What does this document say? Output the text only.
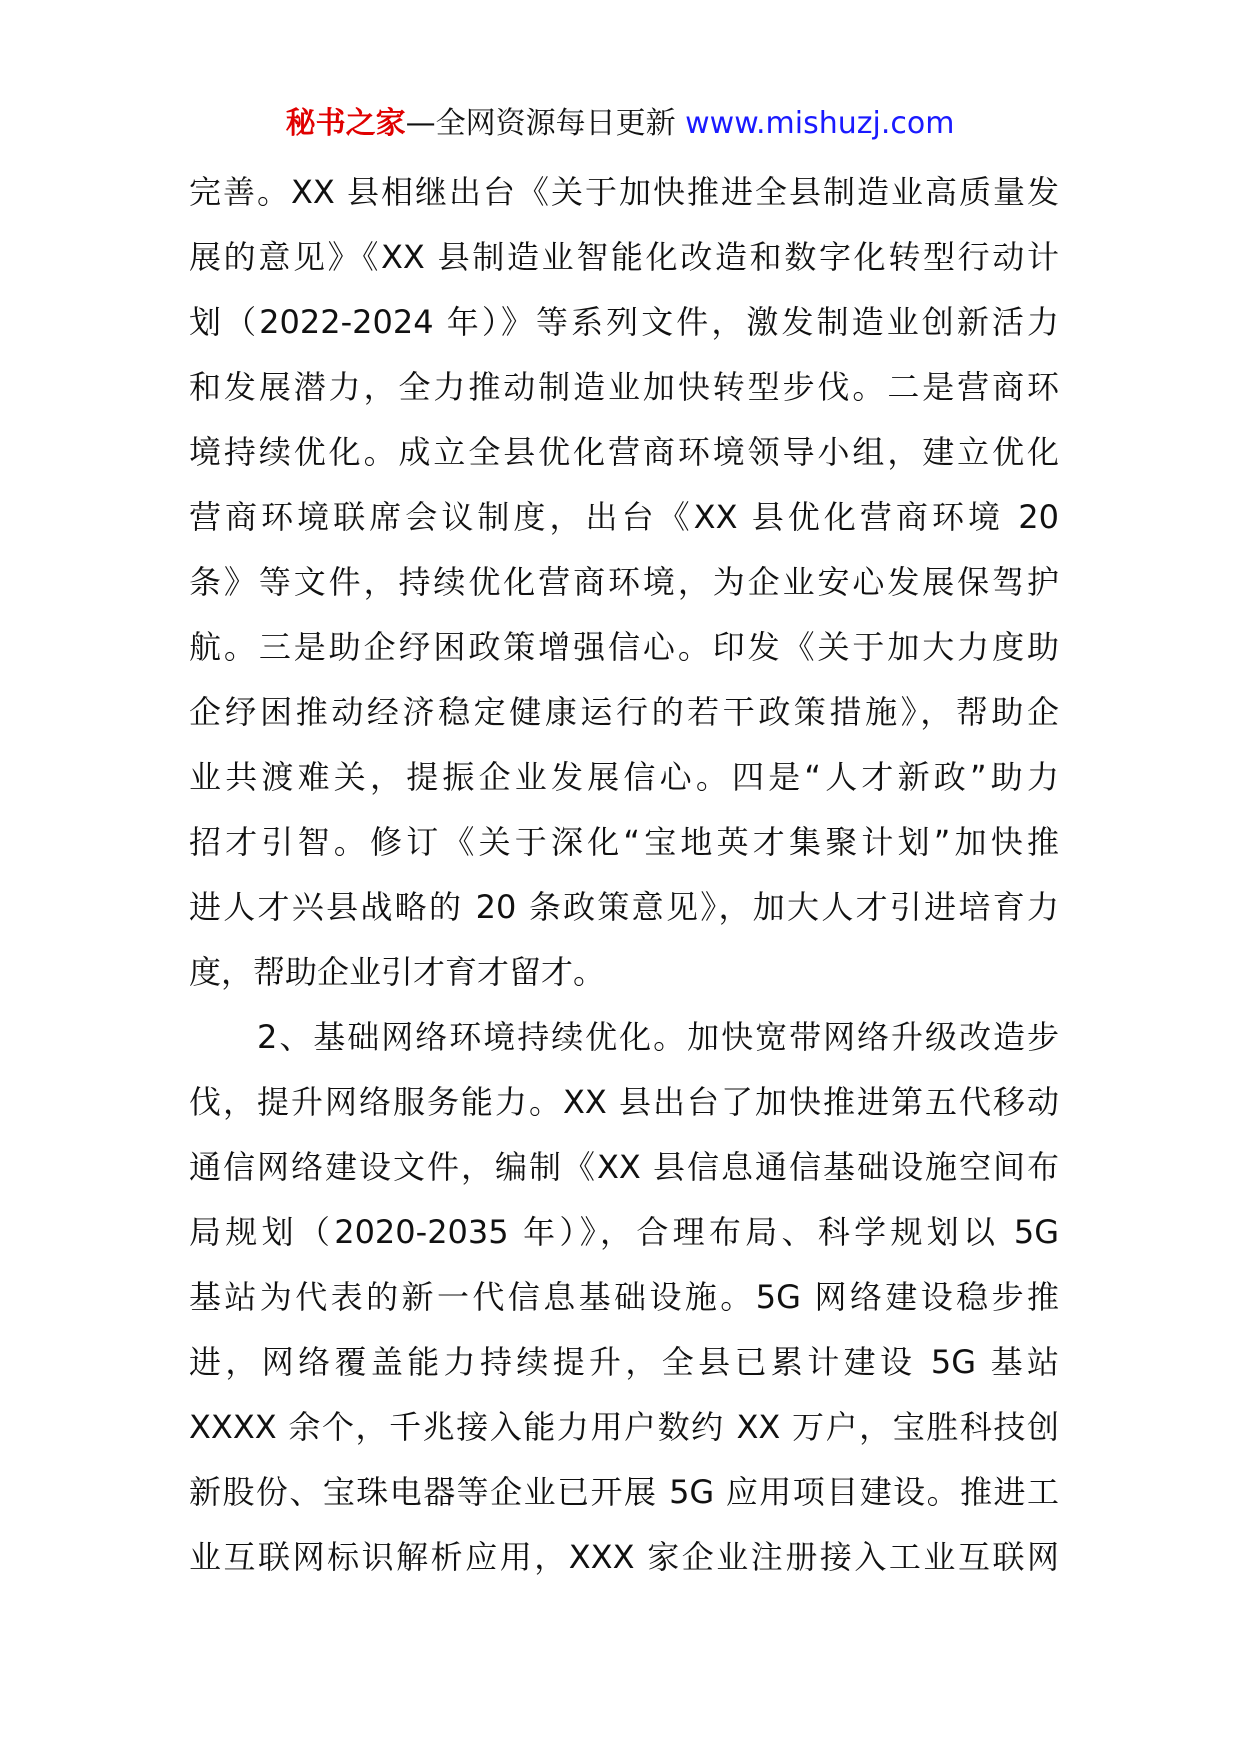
秘书之家—全网资源每日更新 www.mishuzj.com
完善。XX 县相继出台《关于加快推进全县制造业高质量发
展的意见》《XX 县制造业智能化改造和数字化转型行动计
划（2022-2024 年）》等系列文件，激发制造业创新活力
和发展潜力，全力推动制造业加快转型步伐。二是营商环
境持续优化。成立全县优化营商环境领导小组，建立优化
营商环境联席会议制度，出台《XX 县优化营商环境 20
条》等文件，持续优化营商环境，为企业安心发展保驾护
航。三是助企纾困政策增强信心。印发《关于加大力度助
企纾困推动经济稳定健康运行的若干政策措施》，帮助企
业共渡难关，提振企业发展信心。四是“人才新政”助力
招才引智。修订《关于深化“宝地英才集聚计划”加快推
进人才兴县战略的 20 条政策意见》，加大人才引进培育力
度，帮助企业引才育才留才。
　　2、基础网络环境持续优化。加快宽带网络升级改造步
伐，提升网络服务能力。XX 县出台了加快推进第五代移动
通信网络建设文件，编制《XX 县信息通信基础设施空间布
局规划（2020-2035 年）》，合理布局、科学规划以 5G
基站为代表的新一代信息基础设施。5G 网络建设稳步推
进，网络覆盖能力持续提升，全县已累计建设 5G 基站
XXXX 余个，千兆接入能力用户数约 XX 万户，宝胜科技创
新股份、宝珠电器等企业已开展 5G 应用项目建设。推进工
业互联网标识解析应用，XXX 家企业注册接入工业互联网
